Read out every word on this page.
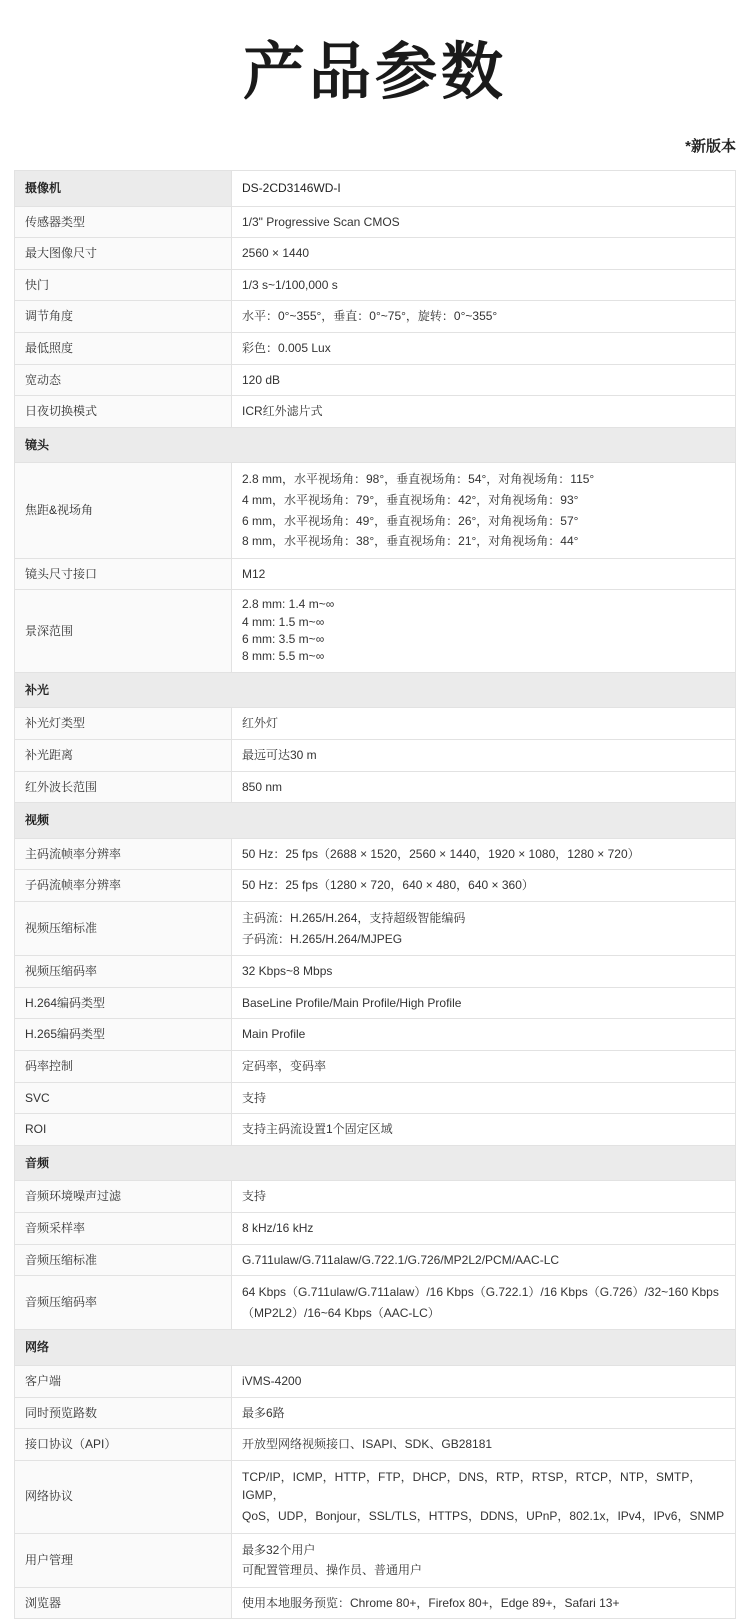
产品参数
*新版本
摄像机	DS-2CD3146WD-I
传感器类型	1/3" Progressive Scan CMOS
最大图像尺寸	2560 × 1440
快门	1/3 s~1/100,000 s
调节角度	水平：0°~355°，垂直：0°~75°，旋转：0°~355°
最低照度	彩色：0.005 Lux
宽动态	120 dB
日夜切换模式	ICR红外滤片式
镜头	
焦距&视场角	2.8 mm，水平视场角：98°，垂直视场角：54°，对角视场角：115°
4 mm，水平视场角：79°，垂直视场角：42°，对角视场角：93°
6 mm，水平视场角：49°，垂直视场角：26°，对角视场角：57°
8 mm，水平视场角：38°，垂直视场角：21°，对角视场角：44°

镜头尺寸接口	M12
景深范围	2.8 mm: 1.4 m~∞
4 mm: 1.5 m~∞
6 mm: 3.5 m~∞
8 mm: 5.5 m~∞

补光	
补光灯类型	红外灯
补光距离	最远可达30 m
红外波长范围	850 nm
视频	
主码流帧率分辨率	50 Hz：25 fps（2688 × 1520，2560 × 1440，1920 × 1080，1280 × 720）
子码流帧率分辨率	50 Hz：25 fps（1280 × 720，640 × 480，640 × 360）
视频压缩标准	主码流：H.265/H.264，支持超级智能编码
子码流：H.265/H.264/MJPEG

视频压缩码率	32 Kbps~8 Mbps
H.264编码类型	BaseLine Profile/Main Profile/High Profile
H.265编码类型	Main Profile
码率控制	定码率，变码率
SVC	支持
ROI	支持主码流设置1个固定区域
音频	
音频环境噪声过滤	支持
音频采样率	8 kHz/16 kHz
音频压缩标准	G.711ulaw/G.711alaw/G.722.1/G.726/MP2L2/PCM/AAC-LC
音频压缩码率	64 Kbps（G.711ulaw/G.711alaw）/16 Kbps（G.722.1）/16 Kbps（G.726）/32~160 Kbps
（MP2L2）/16~64 Kbps（AAC-LC）

网络	
客户端	iVMS-4200
同时预览路数	最多6路
接口协议（API）	开放型网络视频接口、ISAPI、SDK、GB28181
网络协议	TCP/IP，ICMP，HTTP，FTP，DHCP，DNS，RTP，RTSP，RTCP，NTP，SMTP，IGMP，
QoS，UDP，Bonjour，SSL/TLS，HTTPS，DDNS，UPnP，802.1x，IPv4，IPv6，SNMP

用户管理	最多32个用户
可配置管理员、操作员、普通用户

浏览器	使用本地服务预览：Chrome 80+，Firefox 80+，Edge 89+，Safari 13+
